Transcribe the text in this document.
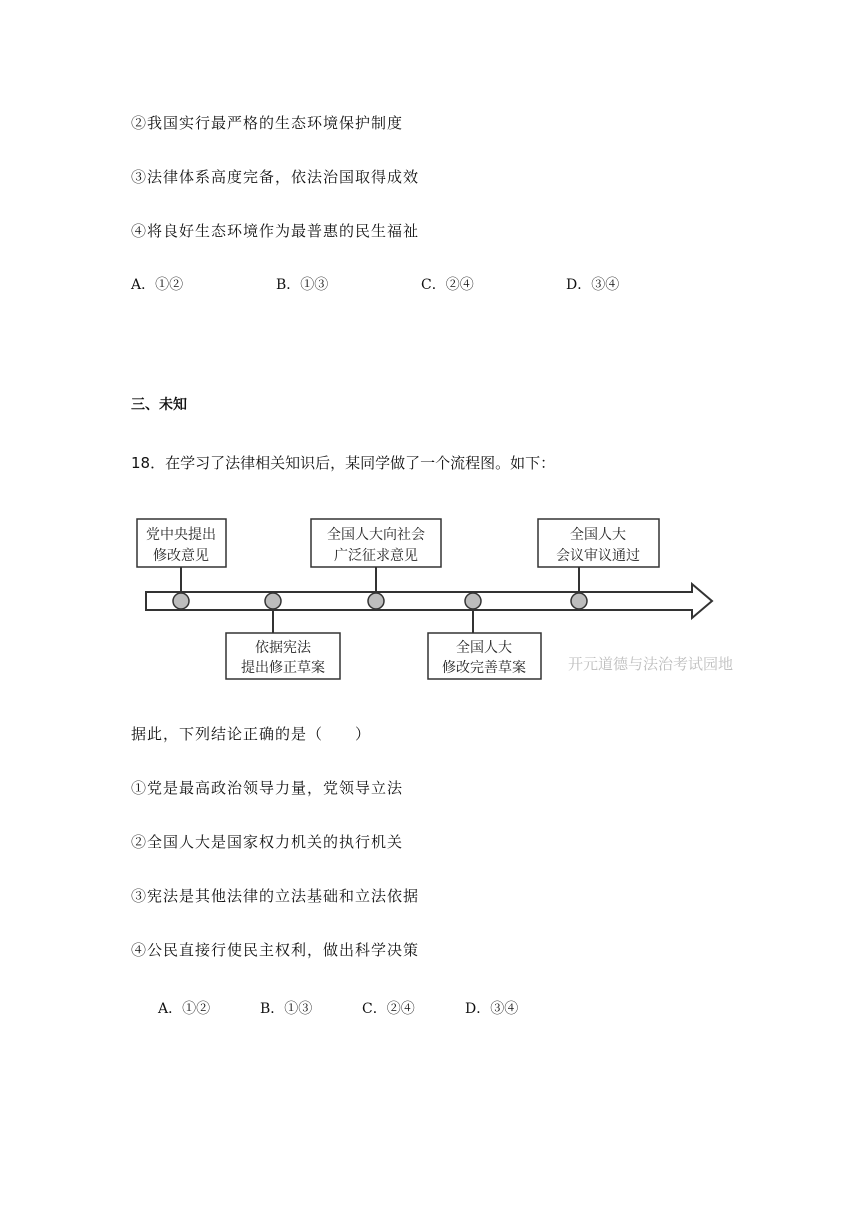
②我国实行最严格的生态环境保护制度
③法律体系高度完备，依法治国取得成效
④将良好生态环境作为最普惠的民生福祉
A．①②	B．①③	C．②④	D．③④
三、未知
18．在学习了法律相关知识后，某同学做了一个流程图。如下：
开元道德与法治考试园地
党中央提出
修改意见
全国人大向社会
广泛征求意见
全国人大
会议审议通过
依据宪法
提出修正草案
全国人大
修改完善草案
据此，下列结论正确的是（　　）
①党是最高政治领导力量，党领导立法
②全国人大是国家权力机关的执行机关
③宪法是其他法律的立法基础和立法依据
④公民直接行使民主权利，做出科学决策
A．①②	B．①③	C．②④	D．③④
